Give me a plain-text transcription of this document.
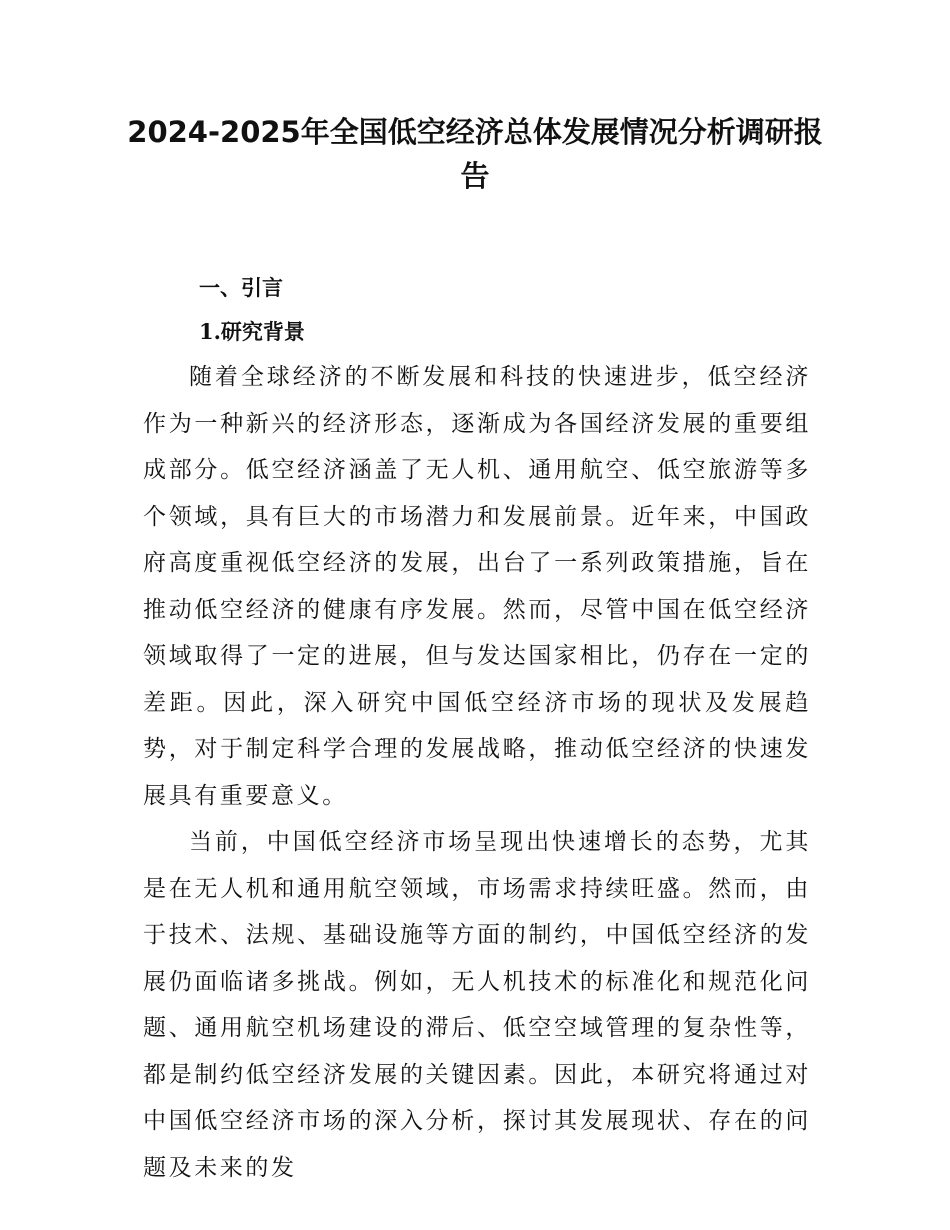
2024-2025年全国低空经济总体发展情况分析调研报告
一、引言
1.研究背景

随着全球经济的不断发展和科技的快速进步，低空经济作为一种新兴的经济形态，逐渐成为各国经济发展的重要组成部分。低空经济涵盖了无人机、通用航空、低空旅游等多个领域，具有巨大的市场潜力和发展前景。近年来，中国政府高度重视低空经济的发展，出台了一系列政策措施，旨在推动低空经济的健康有序发展。然而，尽管中国在低空经济领域取得了一定的进展，但与发达国家相比，仍存在一定的差距。因此，深入研究中国低空经济市场的现状及发展趋势，对于制定科学合理的发展战略，推动低空经济的快速发展具有重要意义。

当前，中国低空经济市场呈现出快速增长的态势，尤其是在无人机和通用航空领域，市场需求持续旺盛。然而，由于技术、法规、基础设施等方面的制约，中国低空经济的发展仍面临诸多挑战。例如，无人机技术的标准化和规范化问题、通用航空机场建设的滞后、低空空域管理的复杂性等，都是制约低空经济发展的关键因素。因此，本研究将通过对中国低空经济市场的深入分析，探讨其发展现状、存在的问题及未来的发
